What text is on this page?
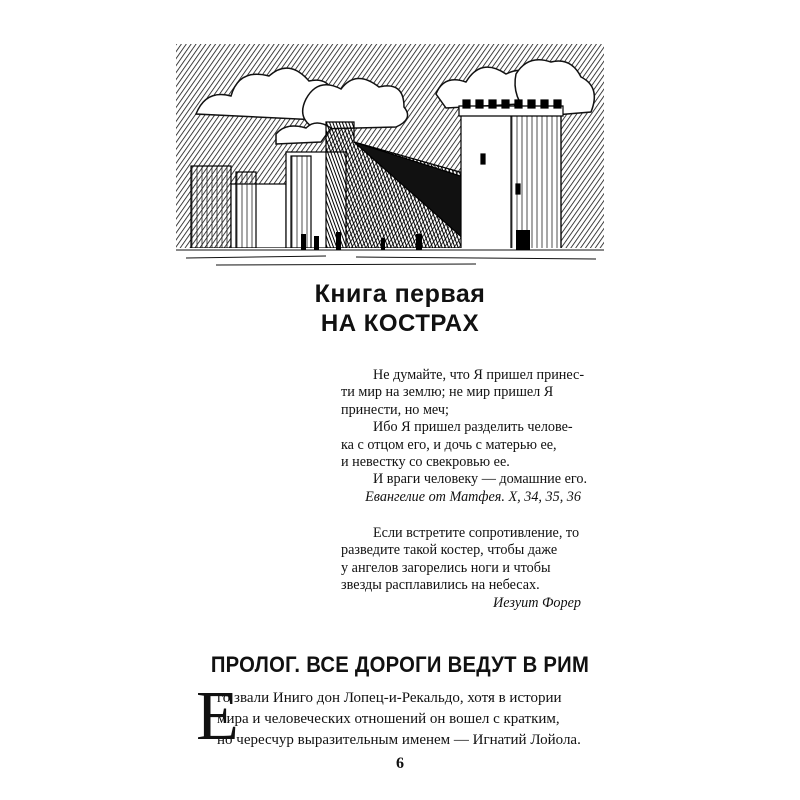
Книга первая
НА КОСТРАХ
Не думайте, что Я пришел принес-
ти мир на землю; не мир пришел Я
принести, но меч;
Ибо Я пришел разделить челове-
ка с отцом его, и дочь с матерью ее,
и невестку со свекровью ее.
И враги человеку — домашние его.
Евангелие от Матфея. X, 34, 35, 36
Если встретите сопротивление, то
разведите такой костер, чтобы даже
у ангелов загорелись ноги и чтобы
звезды расплавились на небесах.
Иезуит Форер
ПРОЛОГ. ВСЕ ДОРОГИ ВЕДУТ В РИМ
Е
го звали Иниго дон Лопец-и-Рекальдо, хотя в истории
мира и человеческих отношений он вошел с кратким,
но чересчур выразительным именем — Игнатий Лойола.
6
